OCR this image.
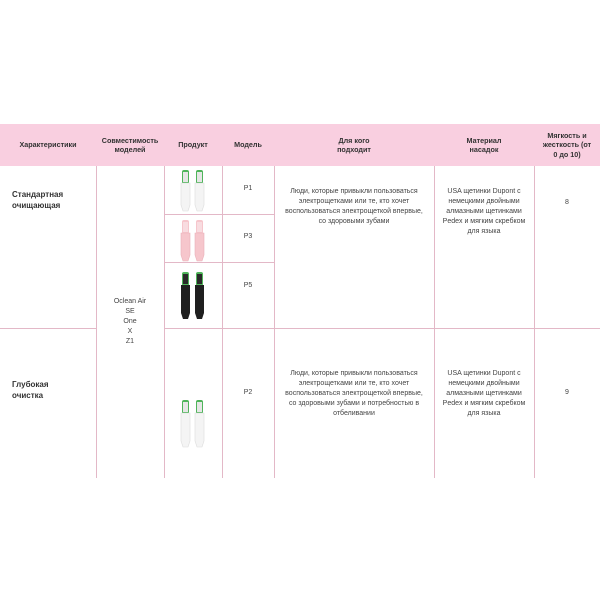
Характеристики
Совместимость моделей
Продукт	Модель
Для кого подходит
Материал насадок
Мягкость и жесткость (от 0 до 10)
Стандартная очищающая
Глубокая очистка
Oclean Air
SE
One
X
Z1
P1
P3
P5
P2
Люди, которые привыкли пользоваться электрощетками или те, кто хочет воспользоваться электрощеткой впервые, со здоровыми зубами
Люди, которые привыкли пользоваться электрощетками или те, кто хочет воспользоваться электрощеткой впервые, со здоровыми зубами и потребностью в отбеливании
USA щетинки Dupont с немецкими двойными алмазными щетинками Pedex и мягким скребком для языка
USA щетинки Dupont с немецкими двойными алмазными щетинками Pedex и мягким скребком для языка
8
9
